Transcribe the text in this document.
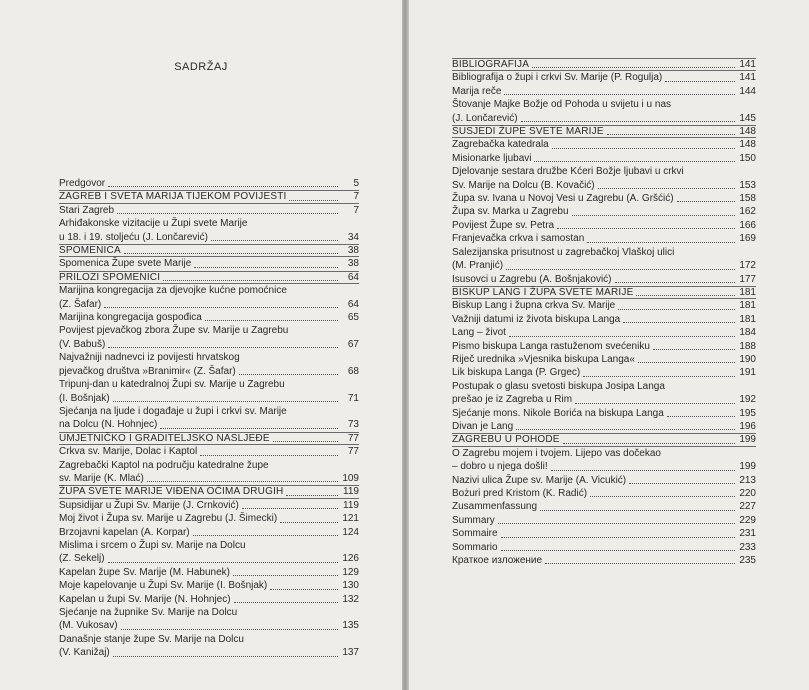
SADRŽAJ
Predgovor	5
ZAGREB I SVETA MARIJA TIJEKOM POVIJESTI	7
Stari Zagreb	7
Arhiđakonske vizitacije u Župi svete Marije
u 18. i 19. stoljeću (J. Lončarević)	34
SPOMENICA	38
Spomenica Župe svete Marije	38
PRILOZI SPOMENICI	64
Marijina kongregacija za djevojke kućne pomoćnice
(Z. Šafar)	64
Marijina kongregacija gospođica	65
Povijest pjevačkog zbora Župe sv. Marije u Zagrebu
(V. Babuš)	67
Najvažniji nadnevci iz povijesti hrvatskog
pjevačkog društva »Branimir« (Z. Šafar)	68
Tripunj-dan u katedralnoj Župi sv. Marije u Zagrebu
(I. Bošnjak)	71
Sjećanja na ljude i događaje u župi i crkvi sv. Marije
na Dolcu (N. Hohnjec)	73
UMJETNIČKO I GRADITELJSKO NASLJEĐE	77
Crkva sv. Marije, Dolac i Kaptol	77
Zagrebački Kaptol na području katedralne župe
sv. Marije (K. Mlać)	109
ŽUPA SVETE MARIJE VIĐENA OČIMA DRUGIH	119
Supsidijar u Župi Sv. Marije (J. Crnković)	119
Moj život i Župa sv. Marije u Zagrebu (J. Šimecki)	121
Brzojavni kapelan (A. Korpar)	124
Mislima i srcem o Župi sv. Marije na Dolcu
(Z. Sekelj)	126
Kapelan župe Sv. Marije (M. Habunek)	129
Moje kapelovanje u Župi Sv. Marije (I. Bošnjak)	130
Kapelan u župi Sv. Marije (N. Hohnjec)	132
Sjećanje na župnike Sv. Marije na Dolcu
(M. Vukosav)	135
Današnje stanje župe Sv. Marije na Dolcu
(V. Kanižaj)	137
BIBLIOGRAFIJA	141
Bibliografija o župi i crkvi Sv. Marije (P. Roguljа)	141
Marija reče	144
Štovanje Majke Božje od Pohoda u svijetu i u nas
(J. Lončarević)	145
SUSJEDI ŽUPE SVETE MARIJE	148
Zagrebačka katedrala	148
Misionarke ljubavi	150
Djelovanje sestara družbe Kćeri Božje ljubavi u crkvi
Sv. Marije na Dolcu (B. Kovačić)	153
Župa sv. Ivana u Novoj Vesi u Zagrebu (A. Gršćić)	158
Župa sv. Marka u Zagrebu	162
Povijest Župe sv. Petra	166
Franjevačka crkva i samostan	169
Salezijanska prisutnost u zagrebačkoj Vlaškoj ulici
(M. Pranjić)	172
Isusovci u Zagrebu (A. Bošnjaković)	177
BISKUP LANG I ŽUPA SVETE MARIJE	181
Biskup Lang i župna crkva Sv. Marije	181
Važniji datumi iz života biskupa Langa	181
Lang – život	184
Pismo biskupa Langa rastuženom svećeniku	188
Riječ urednika »Vjesnika biskupa Langa«	190
Lik biskupa Langa (P. Grgec)	191
Postupak o glasu svetosti biskupa Josipa Langa
prešao je iz Zagreba u Rim	192
Sjećanje mons. Nikole Borića na biskupa Langa	195
Divan je Lang	196
ZAGREBU U POHODE	199
O Zagrebu mojem i tvojem. Lijepo vas dočekao
– dobro u njega došli!	199
Nazivi ulica Župe sv. Marije (A. Vicukić)	213
Bożuri pred Kristom (K. Radić)	220
Zusammenfassung	227
Summary	229
Sommaire	231
Sommario	233
Краткое изложение	235
